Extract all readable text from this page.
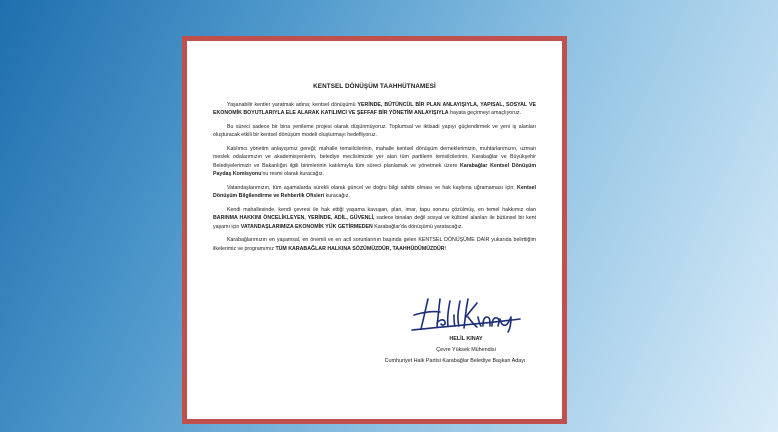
KENTSEL DÖNÜŞÜM TAAHHÜTNAMESİ

Yaşanabilir kentler yaratmak adına; kentsel dönüşümü YERİNDE, BÜTÜNCÜL BİR PLAN ANLAYIŞIYLA, YAPISAL, SOSYAL VE EKONOMİK BOYUTLARIYLA ELE ALARAK KATILIMCI VE ŞEFFAF BİR YÖNETİM ANLAYIŞIYLA hayata geçirmeyi amaçlıyoruz.

Bu süreci sadece bir bina yenileme projesi olarak düşünmüyoruz. Toplumsal ve iktisadi yapıyı güçlendirmek ve yeni iş alanları oluşturacak etkili bir kentsel dönüşüm modeli oluşturmayı hedefliyoruz.

Katılımcı yönetim anlayışımız gereği; mahalle temsilcilerinin, mahalle kentsel dönüşüm derneklerimizin, muhtarlarımızın, uzman meslek odalarımızın ve akademisyenlerin, belediye meclisimizde yer alan tüm partilerin temsilcilerinin, Karabağlar ve Büyükşehir Belediyelerimizir ve Bakanlığın ilgili birimlerinin katılımıyla tüm süreci planlamak ve yönetmek üzere Karabağlar Kentsel Dönüşüm Paydaş Komisyonu'nu resmi olarak kuracağız.

Vatandaşlarımızın, tüm aşamalarda sürekli olarak güncel ve doğru bilgi sahibi olması ve hak kaybına uğramaması için; Kentsel Dönüşüm Bilgilendirme ve Rehberlik Ofisleri kuracağız.

Kendi mahallesinde, kendi çevresi ile hak ettiği yaşama kavuşan, plan, imar, tapu sorunu çözülmüş, en temel hakkımız olan BARINMA HAKKINI ÖNCELİKLEYEN, YERİNDE, ADİL, GÜVENLİ, sadece binaları değil sosyal ve kültürel alanları ile bütünsel bir kent yaşamı için VATANDAŞLARIMIZA EKONOMİK YÜK GETİRMEDEN Karabağlar'da dönüşümü yaratacağız.

Karabağlarımızın en yaşamsal, en önemli ve en acil sorunlarının başında gelen KENTSEL DÖNÜŞÜME DAİR yukarıda belirttiğim ilkelerimiz ve programımız TÜM KARABAĞLAR HALKINA SÖZÜMÜZDÜR, TAAHHÜDÜMÜZDÜR!

HELİL KINAY
Çevre Yüksek Mühendisi
Cumhuriyet Halk Partisi Karabağlar Belediye Başkan Adayı
